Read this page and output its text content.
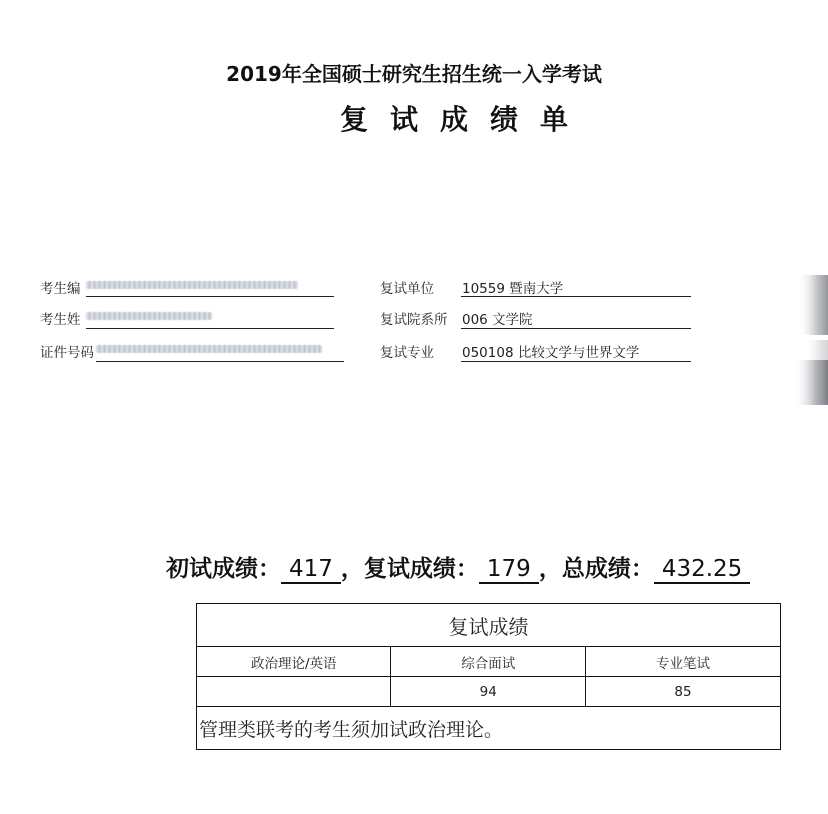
2019年全国硕士研究生招生统一入学考试
复试成绩单
考生编
考生姓
证件号码
复试单位 10559 暨南大学
复试院系所 006 文学院
复试专业 050108 比较文学与世界文学
初试成绩： 417 ，复试成绩： 179 ，总成绩： 432.25
复试成绩		
政治理论/英语	综合面试	专业笔试
	94	85
管理类联考的考生须加试政治理论。		
